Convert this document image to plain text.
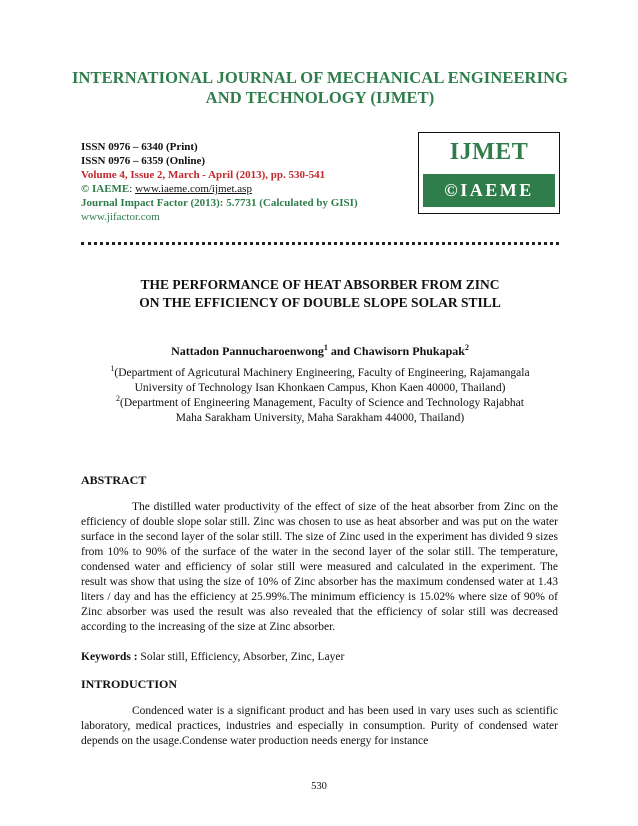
INTERNATIONAL JOURNAL OF MECHANICAL ENGINEERING
AND TECHNOLOGY (IJMET)
ISSN 0976 – 6340 (Print)
ISSN 0976 – 6359 (Online)
Volume 4, Issue 2, March - April (2013), pp. 530-541
© IAEME: www.iaeme.com/ijmet.asp
Journal Impact Factor (2013): 5.7731 (Calculated by GISI)
www.jifactor.com
IJMET
©IAEME
THE PERFORMANCE OF HEAT ABSORBER FROM ZINC
ON THE EFFICIENCY OF DOUBLE SLOPE SOLAR STILL
Nattadon Pannucharoenwong$^1$ and Chawisorn Phukapak$^2$
$^1$(Department of Agricutural Machinery Engineering, Faculty of Engineering, Rajamangala
University of Technology Isan Khonkaen Campus, Khon Kaen 40000, Thailand)
$^2$(Department of Engineering Management, Faculty of Science and Technology Rajabhat
Maha Sarakham University, Maha Sarakham 44000, Thailand)
ABSTRACT
The distilled water productivity of the effect of size of the heat absorber from Zinc on the efficiency of double slope solar still. Zinc was chosen to use as heat absorber and was put on the water surface in the second layer of the solar still. The size of Zinc used in the experiment has divided 9 sizes from 10% to 90% of the surface of the water in the second layer of the solar still. The temperature, condensed water and efficiency of solar still were measured and calculated in the experiment. The result was show that using the size of 10% of Zinc absorber has the maximum condensed water at 1.43 liters / day and has the efficiency at 25.99%.The minimum efficiency is 15.02% where size of 90% of Zinc absorber was used the result was also revealed that the efficiency of solar still was decreased according to the increasing of the size at Zinc absorber.
Keywords : Solar still, Efficiency, Absorber, Zinc, Layer
INTRODUCTION
Condenced water is a significant product and has been used in vary uses such as scientific laboratory, medical practices, industries and especially in consumption. Purity of condensed water depends on the usage.Condense water production needs energy for instance
530
